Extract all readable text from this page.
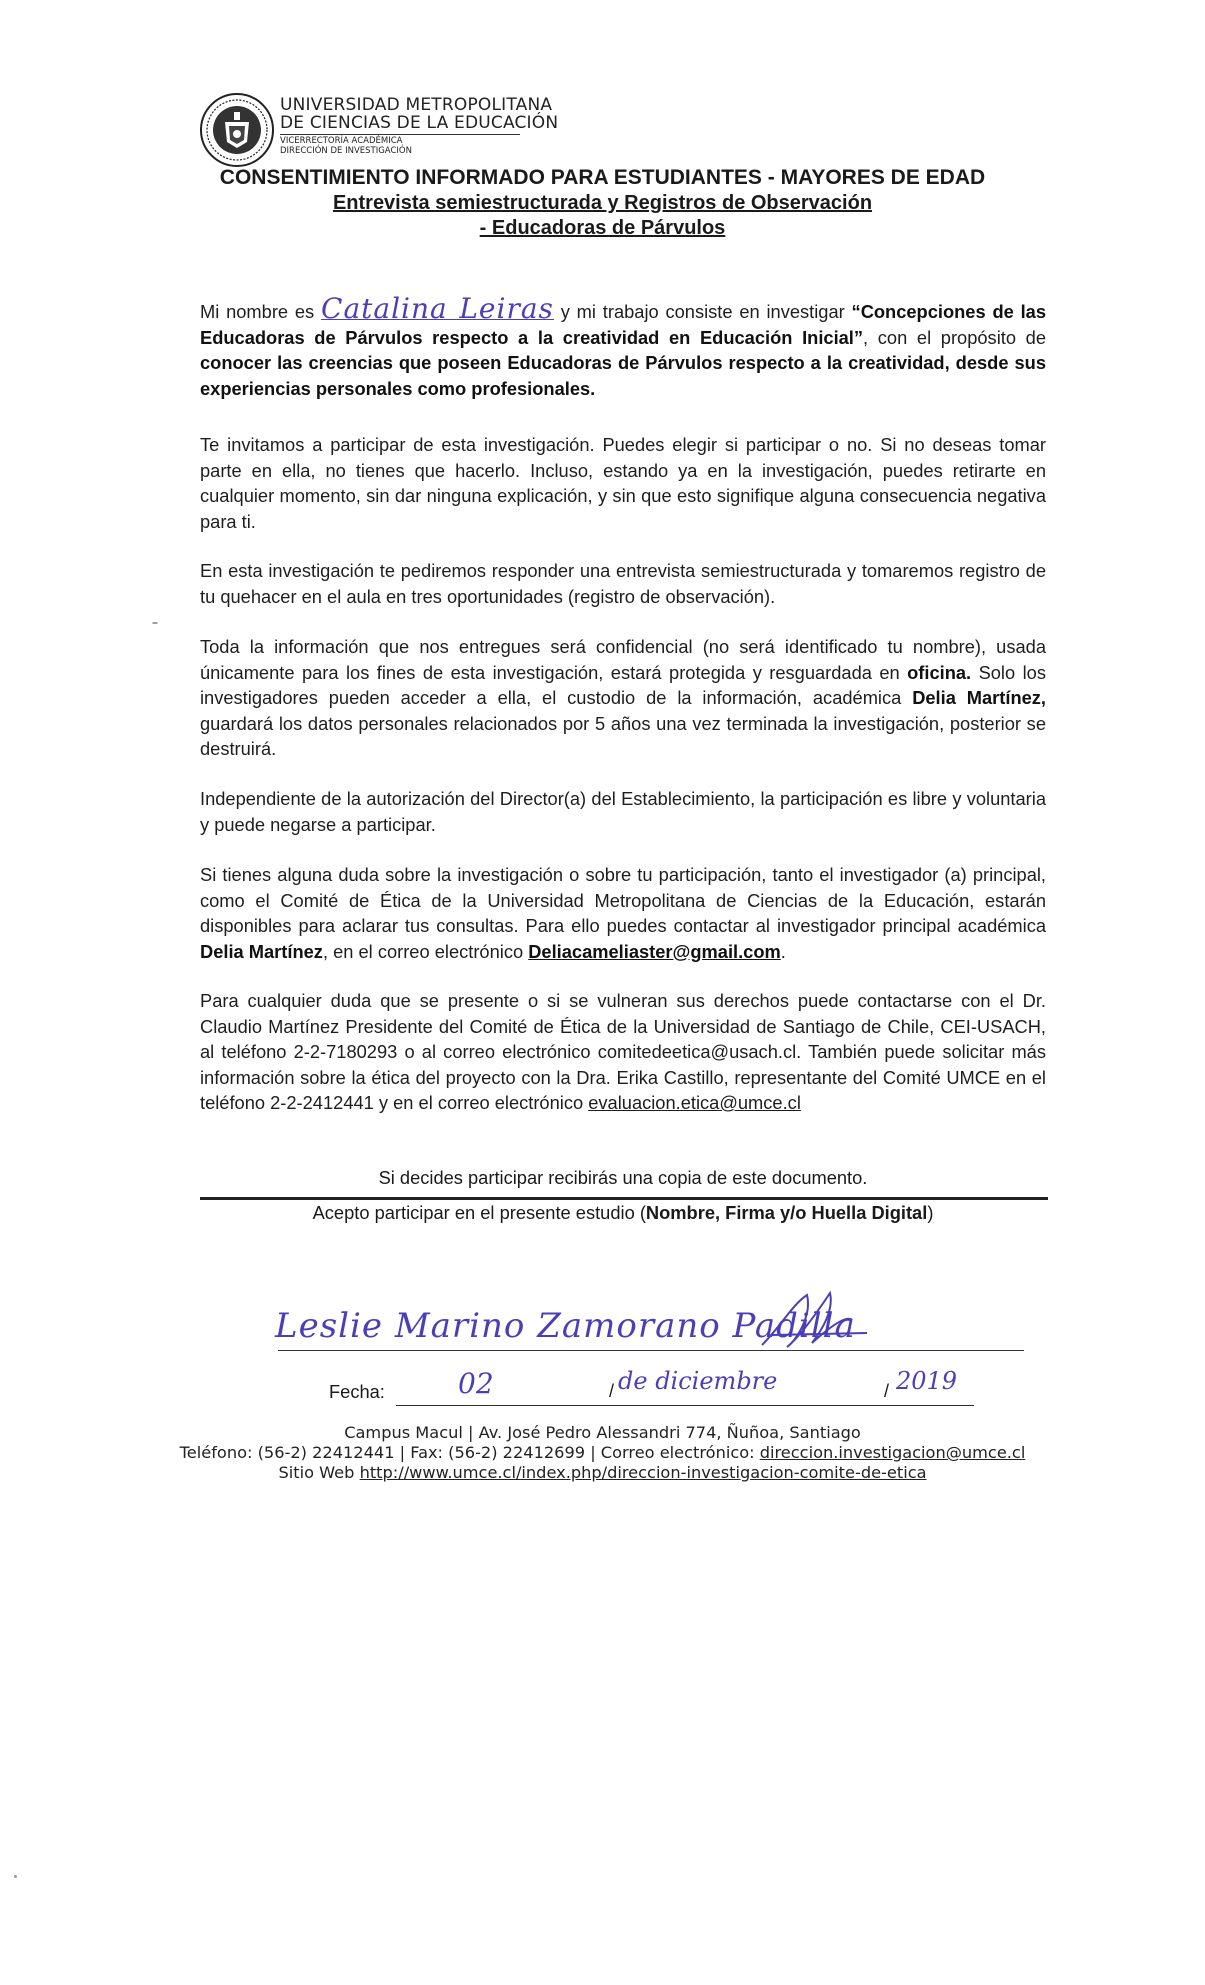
UNIVERSIDAD METROPOLITANA
DE CIENCIAS DE LA EDUCACIÓN
VICERRECTORÍA ACADÉMICA
DIRECCIÓN DE INVESTIGACIÓN
CONSENTIMIENTO INFORMADO PARA ESTUDIANTES - MAYORES DE EDAD
Entrevista semiestructurada y Registros de Observación
- Educadoras de Párvulos
Mi nombre es Catalina Leiras y mi trabajo consiste en investigar “Concepciones de las Educadoras de Párvulos respecto a la creatividad en Educación Inicial”, con el propósito de conocer las creencias que poseen Educadoras de Párvulos respecto a la creatividad, desde sus experiencias personales como profesionales.
Te invitamos a participar de esta investigación. Puedes elegir si participar o no. Si no deseas tomar parte en ella, no tienes que hacerlo. Incluso, estando ya en la investigación, puedes retirarte en cualquier momento, sin dar ninguna explicación, y sin que esto signifique alguna consecuencia negativa para ti.
En esta investigación te pediremos responder una entrevista semiestructurada y tomaremos registro de tu quehacer en el aula en tres oportunidades (registro de observación).
Toda la información que nos entregues será confidencial (no será identificado tu nombre), usada únicamente para los fines de esta investigación, estará protegida y resguardada en oficina. Solo los investigadores pueden acceder a ella, el custodio de la información, académica Delia Martínez, guardará los datos personales relacionados por 5 años una vez terminada la investigación, posterior se destruirá.
Independiente de la autorización del Director(a) del Establecimiento, la participación es libre y voluntaria y puede negarse a participar.
Si tienes alguna duda sobre la investigación o sobre tu participación, tanto el investigador (a) principal, como el Comité de Ética de la Universidad Metropolitana de Ciencias de la Educación, estarán disponibles para aclarar tus consultas. Para ello puedes contactar al investigador principal académica Delia Martínez, en el correo electrónico Deliacameliaster@gmail.com.
Para cualquier duda que se presente o si se vulneran sus derechos puede contactarse con el Dr. Claudio Martínez Presidente del Comité de Ética de la Universidad de Santiago de Chile, CEI-USACH, al teléfono 2-2-7180293 o al correo electrónico comitedeetica@usach.cl. También puede solicitar más información sobre la ética del proyecto con la Dra. Erika Castillo, representante del Comité UMCE en el teléfono 2-2-2412441 y en el correo electrónico evaluacion.etica@umce.cl
Si decides participar recibirás una copia de este documento.
Acepto participar en el presente estudio (Nombre, Firma y/o Huella Digital)
Leslie Marino Zamorano Padilla
Fecha:	02	/ de diciembre	/ 2019
Campus Macul | Av. José Pedro Alessandri 774, Ñuñoa, Santiago
Teléfono: (56-2) 22412441 | Fax: (56-2) 22412699 | Correo electrónico: direccion.investigacion@umce.cl
Sitio Web http://www.umce.cl/index.php/direccion-investigacion-comite-de-etica
